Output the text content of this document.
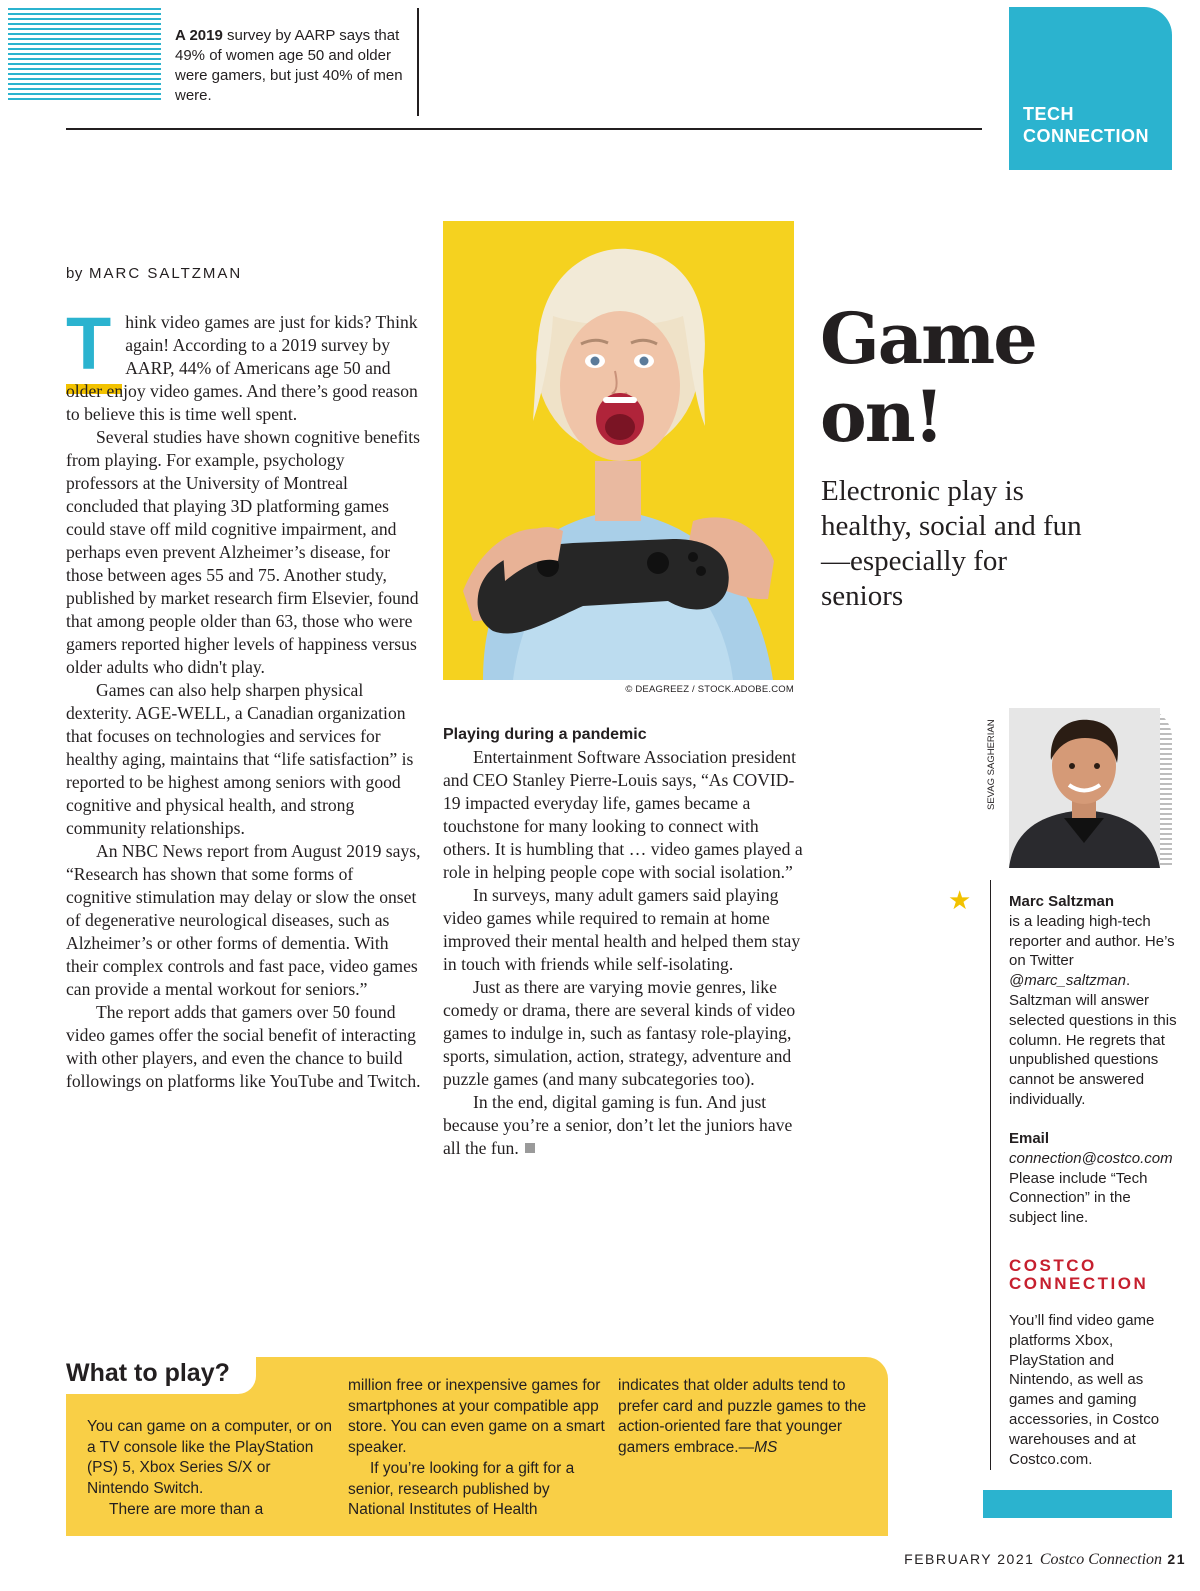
A 2019 survey by AARP says that 49% of women age 50 and older were gamers, but just 40% of men were.
TECH
CONNECTION
by MARC SALTZMAN

Think video games are just for kids? Think again! According to a 2019 survey by AARP, 44% of Americans age 50 and older enjoy video games. And there’s good reason to believe this is time well spent.

Several studies have shown cognitive benefits from playing. For example, psychology professors at the University of Montreal concluded that playing 3D platforming games could stave off mild cognitive impairment, and perhaps even prevent Alzheimer’s disease, for those between ages 55 and 75. Another study, published by market research firm Elsevier, found that among people older than 63, those who were gamers reported higher levels of happiness versus older adults who didn't play.

Games can also help sharpen physical dexterity. AGE-WELL, a Canadian organization that focuses on technologies and services for healthy aging, maintains that “life satisfaction” is reported to be highest among seniors with good cognitive and physical health, and strong community relationships.

An NBC News report from August 2019 says, “Research has shown that some forms of cognitive stimulation may delay or slow the onset of degenerative neurological diseases, such as Alzheimer’s or other forms of dementia. With their complex controls and fast pace, video games can provide a mental workout for seniors.”

The report adds that gamers over 50 found video games offer the social benefit of interacting with other players, and even the chance to build followings on platforms like YouTube and Twitch.

© DEAGREEZ / STOCK.ADOBE.COM
Playing during a pandemic

Entertainment Software Association president and CEO Stanley Pierre-Louis says, “As COVID-19 impacted everyday life, games became a touchstone for many looking to connect with others. It is humbling that … video games played a role in helping people cope with social isolation.”

In surveys, many adult gamers said playing video games while required to remain at home improved their mental health and helped them stay in touch with friends while self-isolating.

Just as there are varying movie genres, like comedy or drama, there are several kinds of video games to indulge in, such as fantasy role-playing, sports, simulation, action, strategy, adventure and puzzle games (and many subcategories too).

In the end, digital gaming is fun. And just because you’re a senior, don’t let the juniors have all the fun.

Game
on!
Electronic play is healthy, social and fun—especially for seniors
SEVAG SAGHERIAN
★	Marc Saltzman
is a leading high-tech reporter and author. He’s on Twitter @marc_saltzman. Saltzman will answer selected questions in this column. He regrets that unpublished questions cannot be answered individually.
Email
connection@costco.com
Please include “Tech Connection” in the subject line.
COSTCO
CONNECTION
You’ll find video game platforms Xbox, PlayStation and Nintendo, as well as games and gaming accessories, in Costco warehouses and at Costco.com.
What to play?

You can game on a computer, or on a TV console like the PlayStation (PS) 5, Xbox Series S/X or Nintendo Switch.

There are more than a

million free or inexpensive games for smartphones at your compatible app store. You can even game on a smart speaker.

If you’re looking for a gift for a senior, research published by National Institutes of Health

indicates that older adults tend to prefer card and puzzle games to the action-oriented fare that younger gamers embrace.—MS

FEBRUARY 2021 Costco Connection 21
